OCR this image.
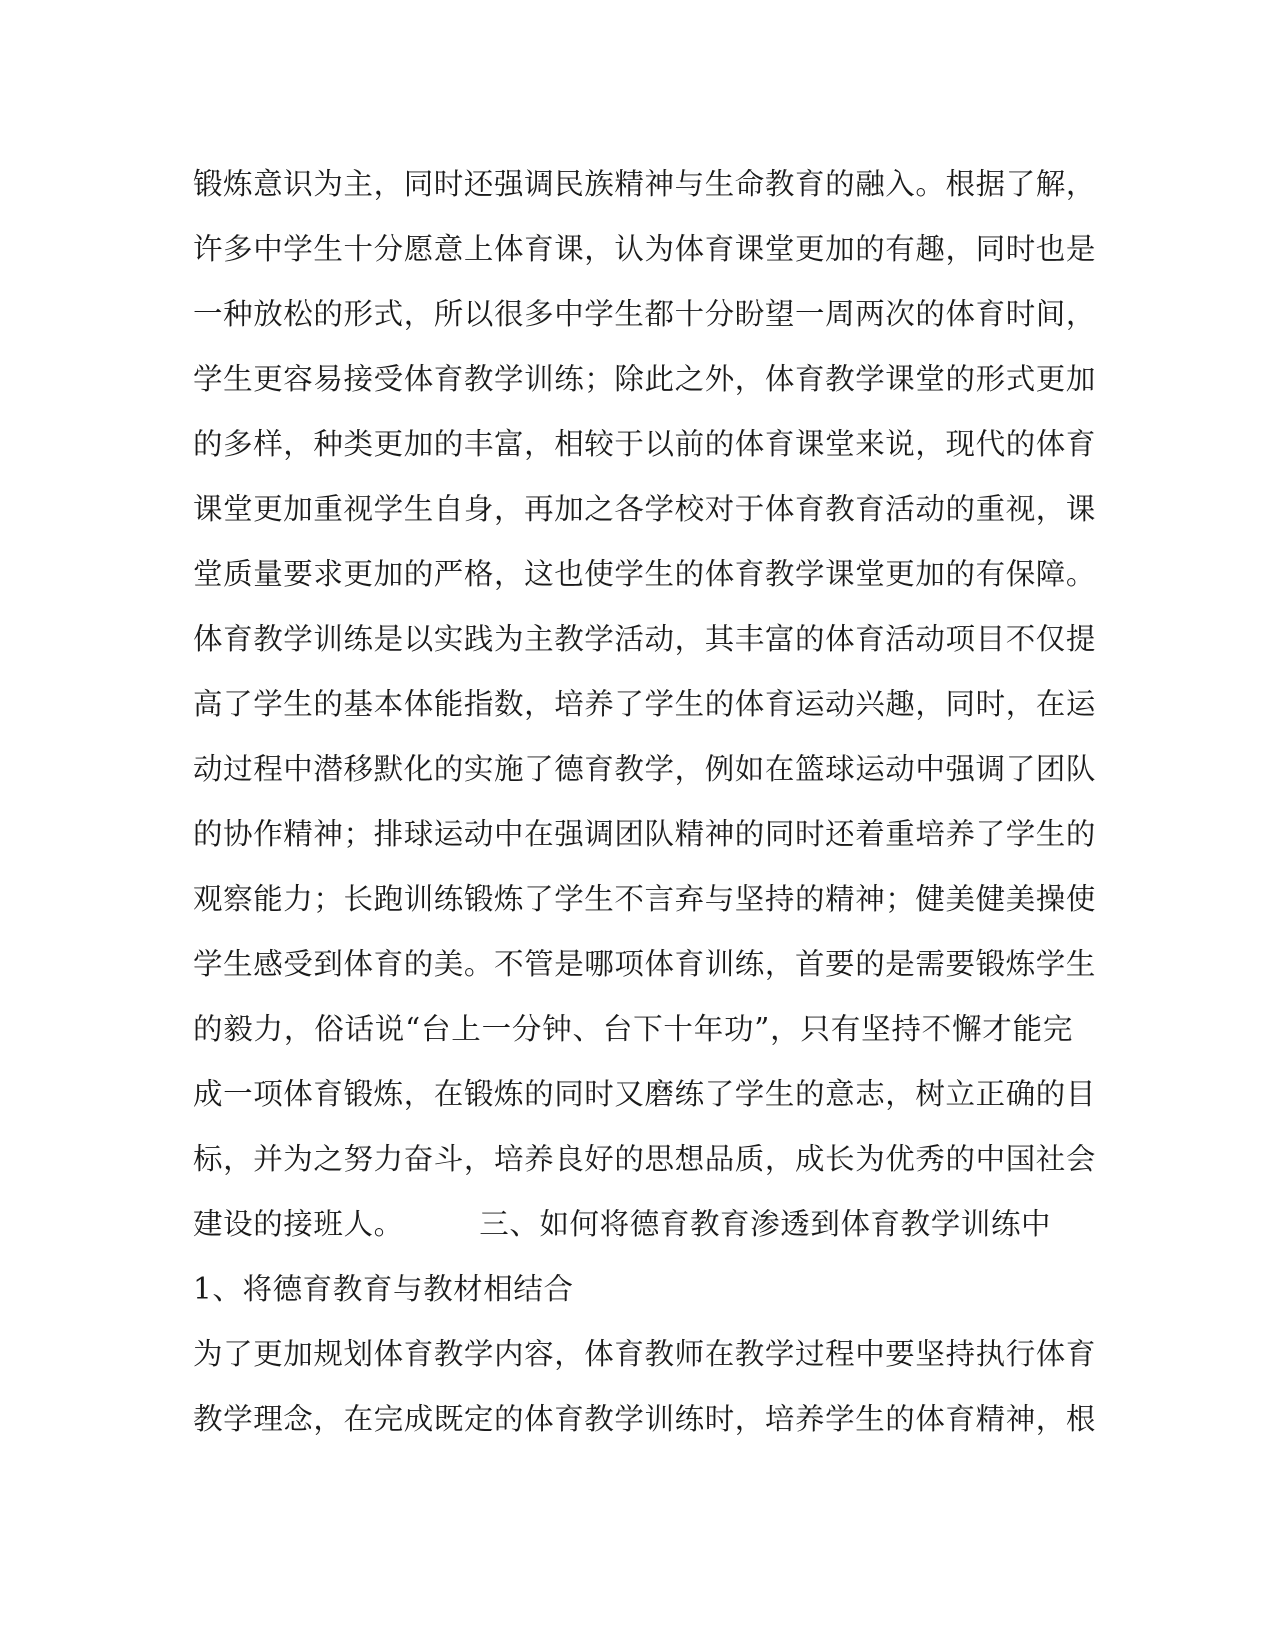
锻炼意识为主，同时还强调民族精神与生命教育的融入。根据了解，
许多中学生十分愿意上体育课，认为体育课堂更加的有趣，同时也是
一种放松的形式，所以很多中学生都十分盼望一周两次的体育时间，
学生更容易接受体育教学训练；除此之外，体育教学课堂的形式更加
的多样，种类更加的丰富，相较于以前的体育课堂来说，现代的体育
课堂更加重视学生自身，再加之各学校对于体育教育活动的重视，课
堂质量要求更加的严格，这也使学生的体育教学课堂更加的有保障。
体育教学训练是以实践为主教学活动，其丰富的体育活动项目不仅提
高了学生的基本体能指数，培养了学生的体育运动兴趣，同时，在运
动过程中潜移默化的实施了德育教学，例如在篮球运动中强调了团队
的协作精神；排球运动中在强调团队精神的同时还着重培养了学生的
观察能力；长跑训练锻炼了学生不言弃与坚持的精神；健美健美操使
学生感受到体育的美。不管是哪项体育训练，首要的是需要锻炼学生
的毅力，俗话说“台上一分钟、台下十年功”，只有坚持不懈才能完
成一项体育锻炼，在锻炼的同时又磨练了学生的意志，树立正确的目
标，并为之努力奋斗，培养良好的思想品质，成长为优秀的中国社会
建设的接班人。　　　三、如何将德育教育渗透到体育教学训练中
1、将德育教育与教材相结合
为了更加规划体育教学内容，体育教师在教学过程中要坚持执行体育
教学理念，在完成既定的体育教学训练时，培养学生的体育精神，根
